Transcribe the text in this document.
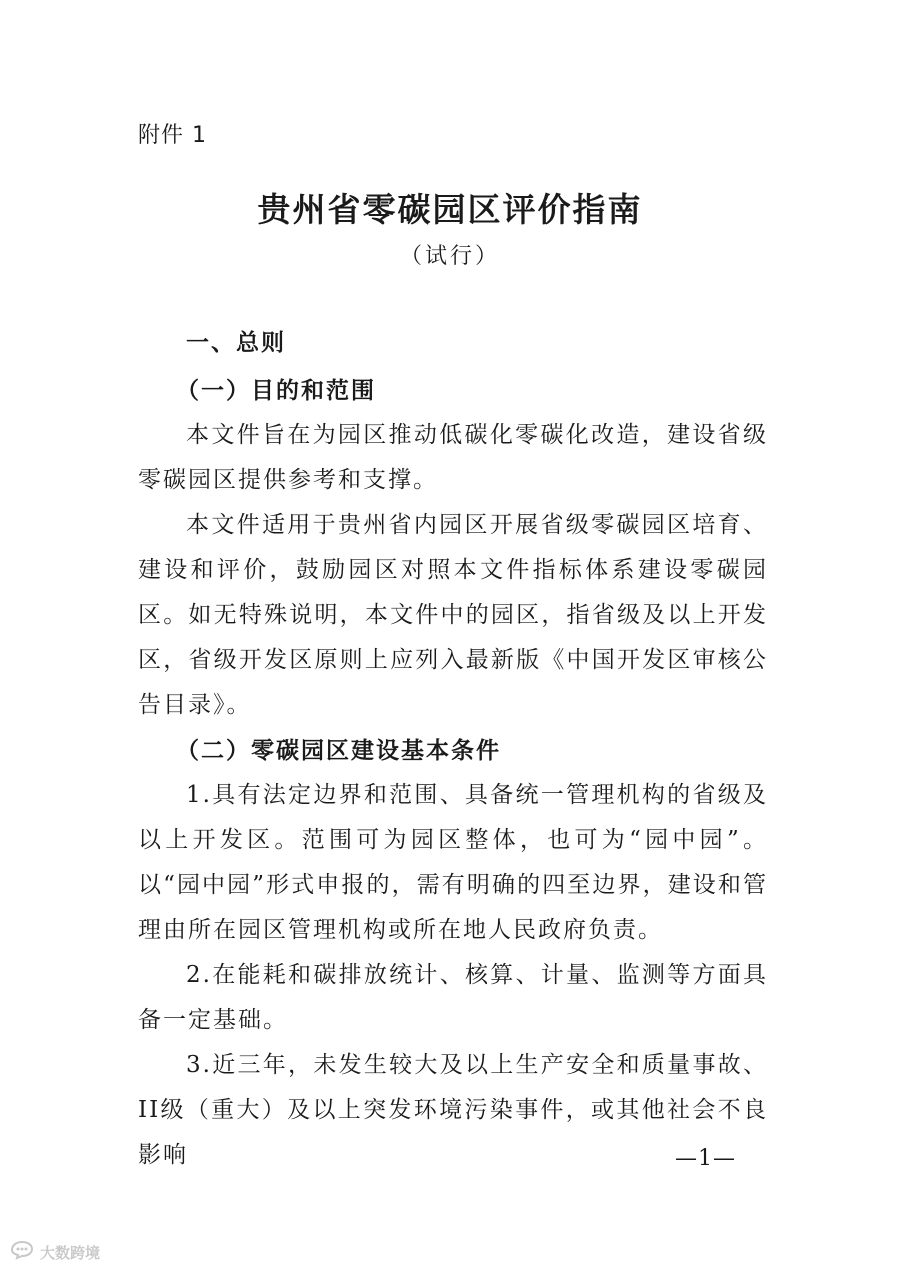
附件 1
贵州省零碳园区评价指南
（试行）

一、总则

（一）目的和范围

本文件旨在为园区推动低碳化零碳化改造，建设省级零碳园区提供参考和支撑。

本文件适用于贵州省内园区开展省级零碳园区培育、建设和评价，鼓励园区对照本文件指标体系建设零碳园区。如无特殊说明，本文件中的园区，指省级及以上开发区，省级开发区原则上应列入最新版《中国开发区审核公告目录》。

（二）零碳园区建设基本条件

1.具有法定边界和范围、具备统一管理机构的省级及以上开发区。范围可为园区整体，也可为“园中园”。以“园中园”形式申报的，需有明确的四至边界，建设和管理由所在园区管理机构或所在地人民政府负责。

2.在能耗和碳排放统计、核算、计量、监测等方面具备一定基础。

3.近三年，未发生较大及以上生产安全和质量事故、II级（重大）及以上突发环境污染事件，或其他社会不良影响	—1—
大数跨境
